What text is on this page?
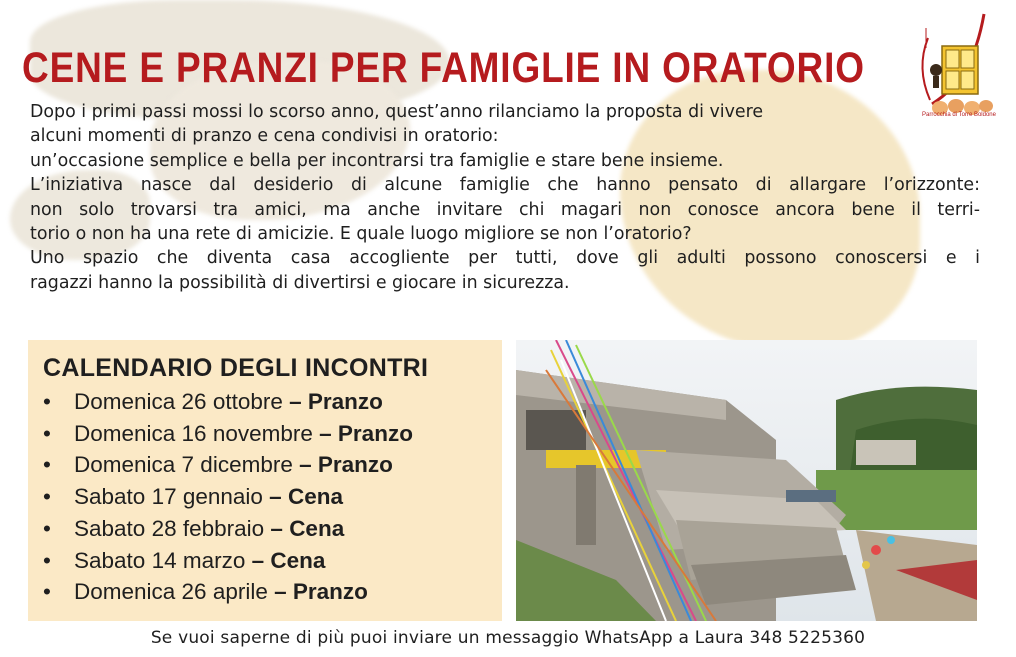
CENE E PRANZI PER FAMIGLIE IN ORATORIO
Parrocchia di Torre Boldone

Dopo i primi passi mossi lo scorso anno, quest’anno rilanciamo la proposta di vivere

alcuni momenti di pranzo e cena condivisi in oratorio:

un’occasione semplice e bella per incontrarsi tra famiglie e stare bene insieme.

L’iniziativa nasce dal desiderio di alcune famiglie che hanno pensato di allargare l’orizzonte:

non solo trovarsi tra amici, ma anche invitare chi magari non conosce ancora bene il terri-

torio o non ha una rete di amicizie. E quale luogo migliore se non l’oratorio?

Uno spazio che diventa casa accogliente per tutti, dove gli adulti possono conoscersi e i

ragazzi hanno la possibilità di divertirsi e giocare in sicurezza.

CALENDARIO DEGLI INCONTRI
• Domenica 26 ottobre – Pranzo
• Domenica 16 novembre – Pranzo
• Domenica 7 dicembre – Pranzo
• Sabato 17 gennaio – Cena
• Sabato 28 febbraio – Cena
• Sabato 14 marzo – Cena
• Domenica 26 aprile – Pranzo
Se vuoi saperne di più puoi inviare un messaggio WhatsApp a Laura 348 5225360
